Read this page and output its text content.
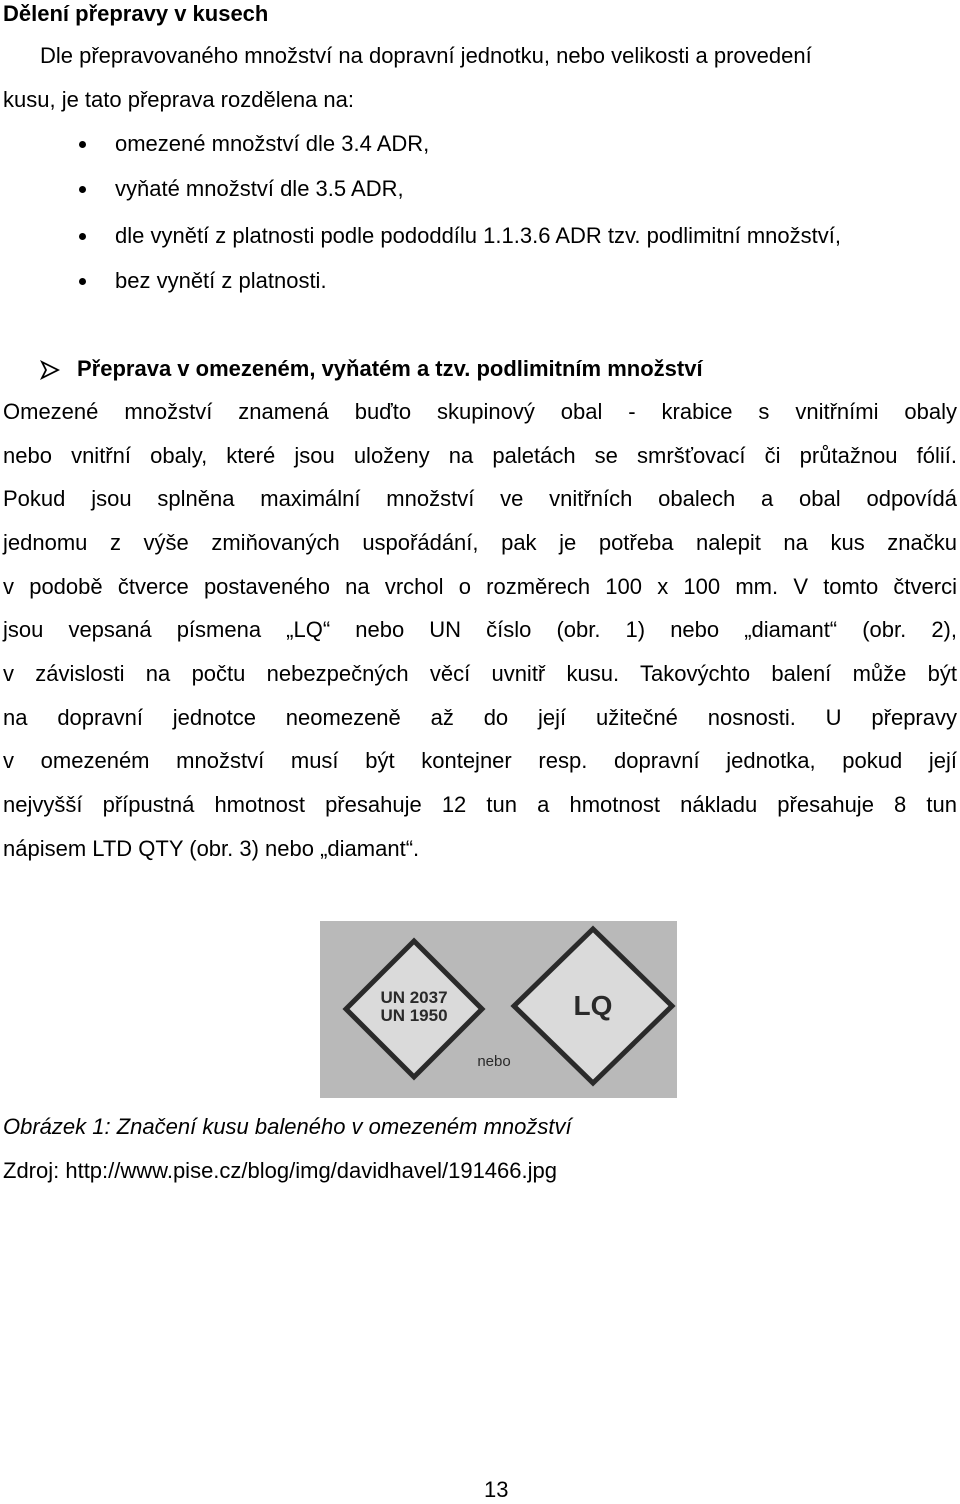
Dělení přepravy v kusech
Dle přepravovaného množství na dopravní jednotku, nebo velikosti a provedení
kusu, je tato přeprava rozdělena na:
omezené množství dle 3.4 ADR,
vyňaté množství dle 3.5 ADR,
dle vynětí z platnosti podle pododdílu 1.1.3.6 ADR tzv. podlimitní množství,
bez vynětí z platnosti.
Přeprava v omezeném, vyňatém a tzv. podlimitním množství
Omezené množství znamená buďto skupinový obal - krabice s vnitřními obaly
nebo vnitřní obaly, které jsou uloženy na paletách se smršťovací či průtažnou fólií.
Pokud jsou splněna maximální množství ve vnitřních obalech a obal odpovídá
jednomu z výše zmiňovaných uspořádání, pak je potřeba nalepit na kus značku
v podobě čtverce postaveného na vrchol o rozměrech 100 x 100 mm. V tomto čtverci
jsou vepsaná písmena „LQ“ nebo UN číslo (obr. 1) nebo „diamant“ (obr. 2),
v závislosti na počtu nebezpečných věcí uvnitř kusu. Takovýchto balení může být
na dopravní jednotce neomezeně až do její užitečné nosnosti. U přepravy
v omezeném množství musí být kontejner resp. dopravní jednotka, pokud její
nejvyšší přípustná hmotnost přesahuje 12 tun a hmotnost nákladu přesahuje 8 tun
nápisem LTD QTY (obr. 3) nebo „diamant“.
UN 2037
UN 1950	LQ
nebo
Obrázek 1: Značení kusu baleného v omezeném množství
Zdroj: http://www.pise.cz/blog/img/davidhavel/191466.jpg
13
